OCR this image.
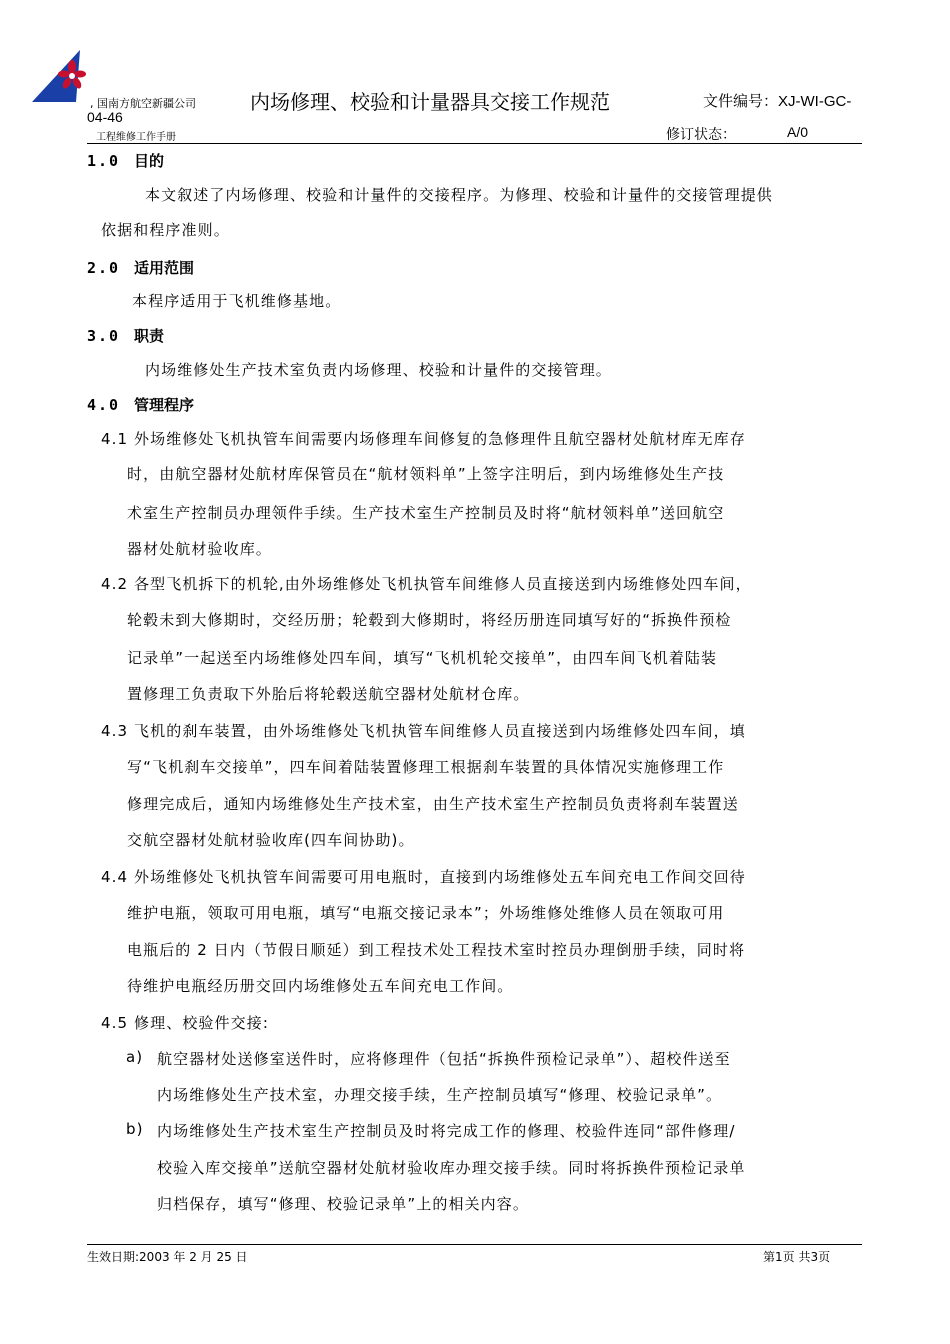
, 国南方航空新疆公司	内场修理、校验和计量器具交接工作规范	文件编号：XJ-WI-GC-
04-46
工程维修工作手册	修订状态：	A/0
1.0 目的
本文叙述了内场修理、校验和计量件的交接程序。为修理、校验和计量件的交接管理提供
依据和程序准则。
2.0 适用范围
本程序适用于飞机维修基地。
3.0 职责
内场维修处生产技术室负责内场修理、校验和计量件的交接管理。
4.0 管理程序
4.1 外场维修处飞机执管车间需要内场修理车间修复的急修理件且航空器材处航材库无库存
时，由航空器材处航材库保管员在“航材领料单”上签字注明后，到内场维修处生产技
术室生产控制员办理领件手续。生产技术室生产控制员及时将“航材领料单”送回航空
器材处航材验收库。
4.2 各型飞机拆下的机轮,由外场维修处飞机执管车间维修人员直接送到内场维修处四车间，
轮毂未到大修期时，交经历册；轮毂到大修期时，将经历册连同填写好的“拆换件预检
记录单”一起送至内场维修处四车间，填写“飞机机轮交接单”，由四车间飞机着陆装
置修理工负责取下外胎后将轮毂送航空器材处航材仓库。
4.3 飞机的刹车装置，由外场维修处飞机执管车间维修人员直接送到内场维修处四车间，填
写“飞机刹车交接单”，四车间着陆装置修理工根据刹车装置的具体情况实施修理工作
修理完成后，通知内场维修处生产技术室，由生产技术室生产控制员负责将刹车装置送
交航空器材处航材验收库(四车间协助)。
4.4 外场维修处飞机执管车间需要可用电瓶时，直接到内场维修处五车间充电工作间交回待
维护电瓶，领取可用电瓶，填写“电瓶交接记录本”；外场维修处维修人员在领取可用
电瓶后的 2 日内（节假日顺延）到工程技术处工程技术室时控员办理倒册手续，同时将
待维护电瓶经历册交回内场维修处五车间充电工作间。
4.5 修理、校验件交接:
a) 航空器材处送修室送件时，应将修理件（包括“拆换件预检记录单”）、超校件送至
内场维修处生产技术室，办理交接手续，生产控制员填写“修理、校验记录单”。
b) 内场维修处生产技术室生产控制员及时将完成工作的修理、校验件连同“部件修理/
校验入库交接单”送航空器材处航材验收库办理交接手续。同时将拆换件预检记录单
归档保存，填写“修理、校验记录单”上的相关内容。
生效日期:2003 年 2 月 25 日	第1页 共3页
